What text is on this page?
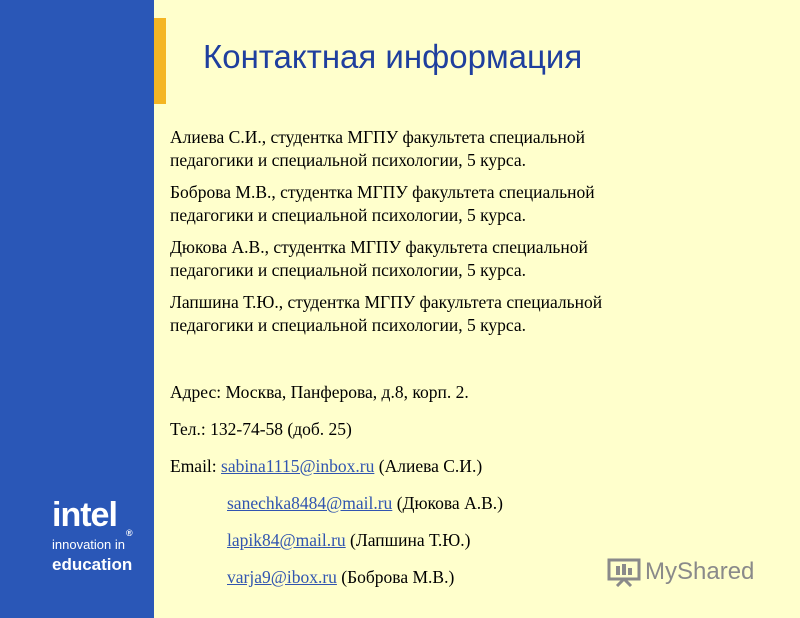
Контактная информация

Алиева С.И., студентка МГПУ факультета специальной
педагогики и специальной психологии, 5 курса.

Боброва М.В., студентка МГПУ факультета специальной
педагогики и специальной психологии, 5 курса.

Дюкова А.В., студентка МГПУ факультета специальной
педагогики и специальной психологии, 5 курса.

Лапшина Т.Ю., студентка МГПУ факультета специальной
педагогики и специальной психологии, 5 курса.

Адрес: Москва, Панферова, д.8, корп. 2.

Тел.: 132-74-58 (доб. 25)

Email: sabina1115@inbox.ru (Алиева С.И.)

sanechka8484@mail.ru (Дюкова А.В.)

lapik84@mail.ru (Лапшина Т.Ю.)

varja9@ibox.ru (Боброва М.В.)

intel ®
innovation in
education	MyShared
